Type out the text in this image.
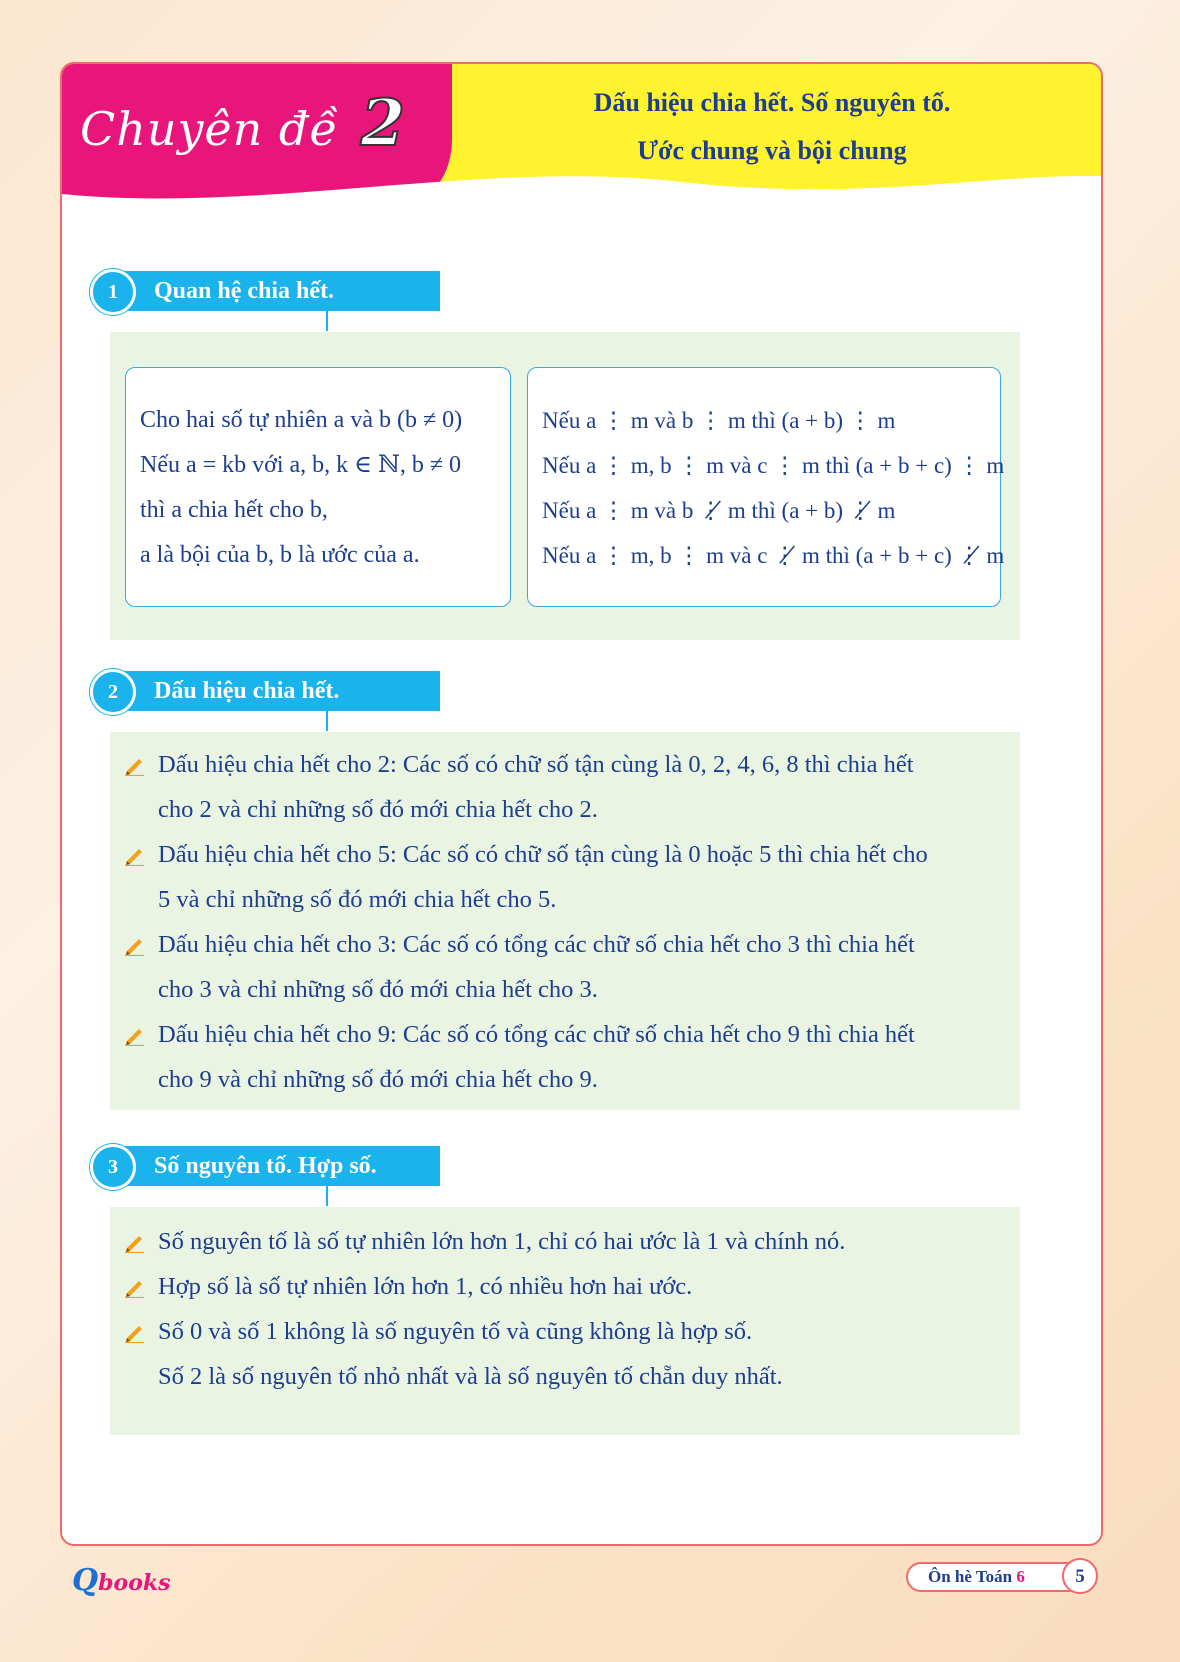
Chuyên đề 2	Dấu hiệu chia hết. Số nguyên tố.
Ước chung và bội chung
1	Quan hệ chia hết.
Cho hai số tự nhiên a và b (b ≠ 0)
Nếu a = kb với a, b, k ∈ ℕ, b ≠ 0
thì a chia hết cho b,
a là bội của b, b là ước của a.
Nếu a ⋮ m và b ⋮ m thì (a + b) ⋮ m
Nếu a ⋮ m, b ⋮ m và c ⋮ m thì (a + b + c) ⋮ m
Nếu a ⋮ m và b ⋮̸ m thì (a + b) ⋮̸ m
Nếu a ⋮ m, b ⋮ m và c ⋮̸ m thì (a + b + c) ⋮̸ m
2	Dấu hiệu chia hết.
Dấu hiệu chia hết cho 2: Các số có chữ số tận cùng là 0, 2, 4, 6, 8 thì chia hết
cho 2 và chỉ những số đó mới chia hết cho 2.
Dấu hiệu chia hết cho 5: Các số có chữ số tận cùng là 0 hoặc 5 thì chia hết cho
5 và chỉ những số đó mới chia hết cho 5.
Dấu hiệu chia hết cho 3: Các số có tổng các chữ số chia hết cho 3 thì chia hết
cho 3 và chỉ những số đó mới chia hết cho 3.
Dấu hiệu chia hết cho 9: Các số có tổng các chữ số chia hết cho 9 thì chia hết
cho 9 và chỉ những số đó mới chia hết cho 9.
3	Số nguyên tố. Hợp số.
Số nguyên tố là số tự nhiên lớn hơn 1, chỉ có hai ước là 1 và chính nó.
Hợp số là số tự nhiên lớn hơn 1, có nhiều hơn hai ước.
Số 0 và số 1 không là số nguyên tố và cũng không là hợp số.
Số 2 là số nguyên tố nhỏ nhất và là số nguyên tố chẵn duy nhất.
Qbooks	Ôn hè Toán 6	5
